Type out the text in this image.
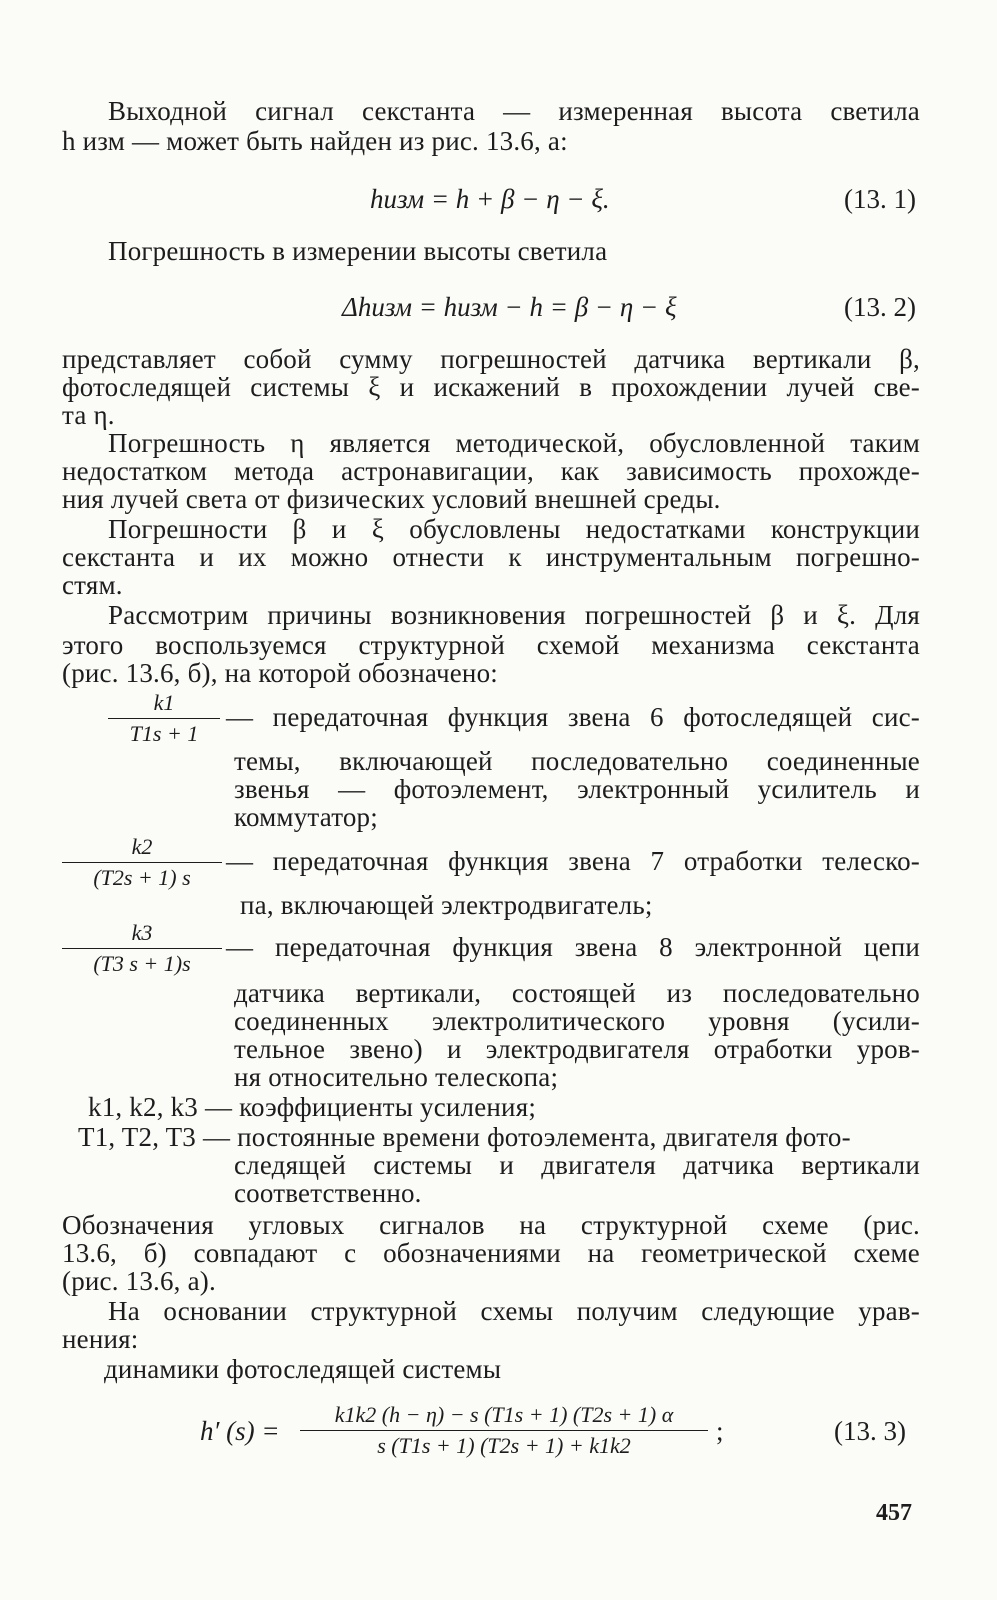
Выходной сигнал секстанта — измеренная высота светила
h изм — может быть найден из рис. 13.6, а:
hизм = h + β − η − ξ.	(13. 1)
Погрешность в измерении высоты светила
Δhизм = hизм − h = β − η − ξ	(13. 2)
представляет собой сумму погрешностей датчика вертикали β,
фотоследящей системы ξ и искажений в прохождении лучей све-
та η.
Погрешность η является методической, обусловленной таким
недостатком метода астронавигации, как зависимость прохожде-
ния лучей света от физических условий внешней среды.
Погрешности β и ξ обусловлены недостатками конструкции
секстанта и их можно отнести к инструментальным погрешно-
стям.
Рассмотрим причины возникновения погрешностей β и ξ. Для
этого воспользуемся структурной схемой механизма секстанта
(рис. 13.6, б), на которой обозначено:
k1
T1s + 1
— передаточная функция звена 6 фотоследящей сис-
темы, включающей последовательно соединенные
звенья — фотоэлемент, электронный усилитель и
коммутатор;
k2
(T2s + 1) s
— передаточная функция звена 7 отработки телеско-
па, включающей электродвигатель;
k3
(T3 s + 1)s
— передаточная функция звена 8 электронной цепи
датчика вертикали, состоящей из последовательно
соединенных электролитического уровня (усили-
тельное звено) и электродвигателя отработки уров-
ня относительно телескопа;
k1, k2, k3 — коэффициенты усиления;
T1, T2, T3 — постоянные времени фотоэлемента, двигателя фото-
следящей системы и двигателя датчика вертикали
соответственно.
Обозначения угловых сигналов на структурной схеме (рис.
13.6, б) совпадают с обозначениями на геометрической схеме
(рис. 13.6, а).
На основании структурной схемы получим следующие урав-
нения:
динамики фотоследящей системы
h′ (s) =
k1k2 (h − η) − s (T1s + 1) (T2s + 1) α
s (T1s + 1) (T2s + 1) + k1k2	;	(13. 3)
457
